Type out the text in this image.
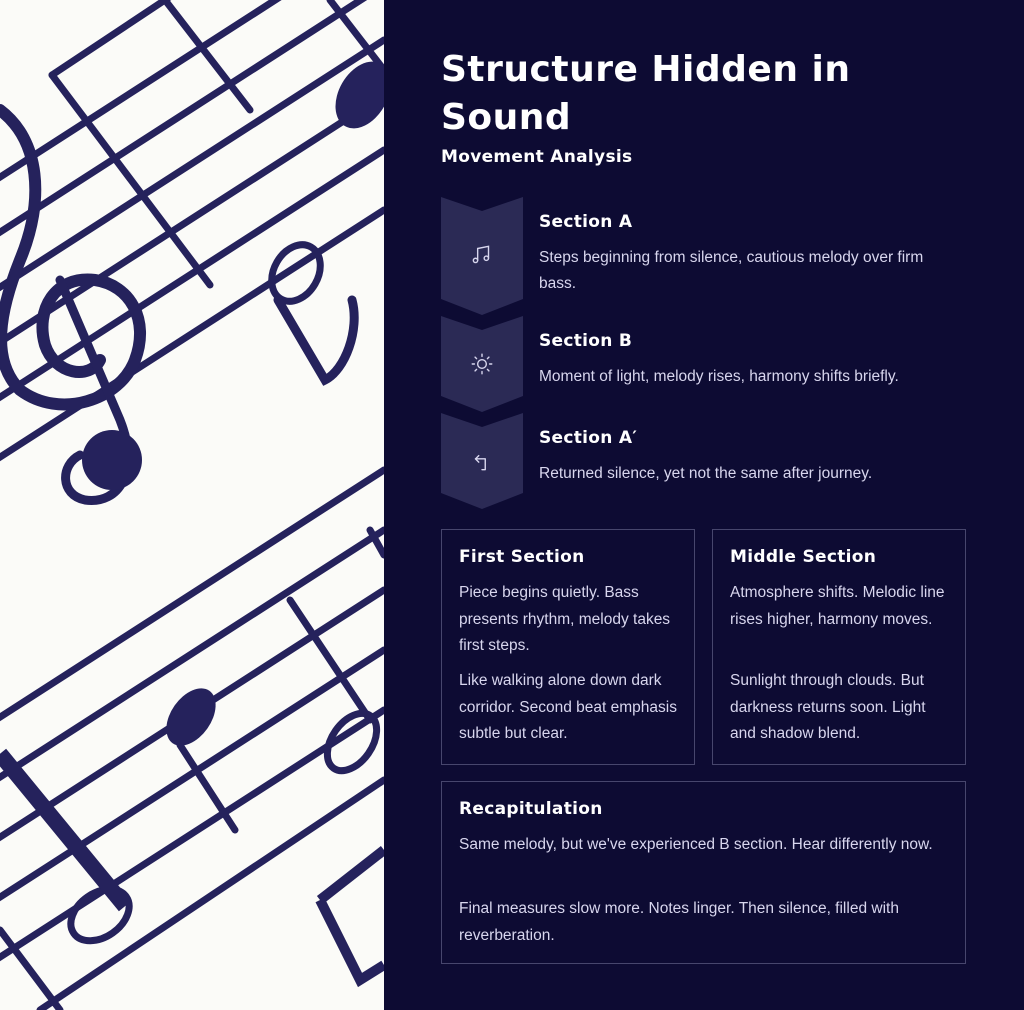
Structure Hidden in Sound
Movement Analysis
Section A
Steps beginning from silence, cautious melody over firm bass.
Section B
Moment of light, melody rises, harmony shifts briefly.
Section A′
Returned silence, yet not the same after journey.
First Section

Piece begins quietly. Bass presents rhythm, melody takes first steps.

Like walking alone down dark corridor. Second beat emphasis subtle but clear.

Middle Section

Atmosphere shifts. Melodic line rises higher, harmony moves.

Sunlight through clouds. But darkness returns soon. Light and shadow blend.

Recapitulation

Same melody, but we've experienced B section. Hear differently now.

Final measures slow more. Notes linger. Then silence, filled with reverberation.
